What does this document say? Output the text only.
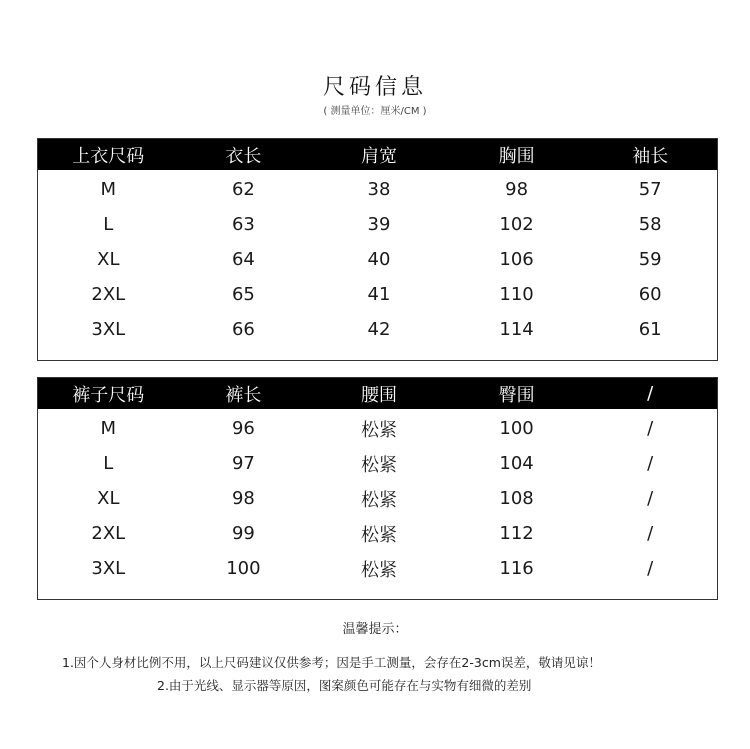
尺码信息
( 测量单位：厘米/CM )
上衣尺码	衣长	肩宽	胸围	袖长
M	62	38	98	57
L	63	39	102	58
XL	64	40	106	59
2XL	65	41	110	60
3XL	66	42	114	61
裤子尺码	裤长	腰围	臀围	/
M	96	松紧	100	/
L	97	松紧	104	/
XL	98	松紧	108	/
2XL	99	松紧	112	/
3XL	100	松紧	116	/
温馨提示：
1.因个人身材比例不用，以上尺码建议仅供参考；因是手工测量，会存在2-3cm误差，敬请见谅！
2.由于光线、显示器等原因，图案颜色可能存在与实物有细微的差别
